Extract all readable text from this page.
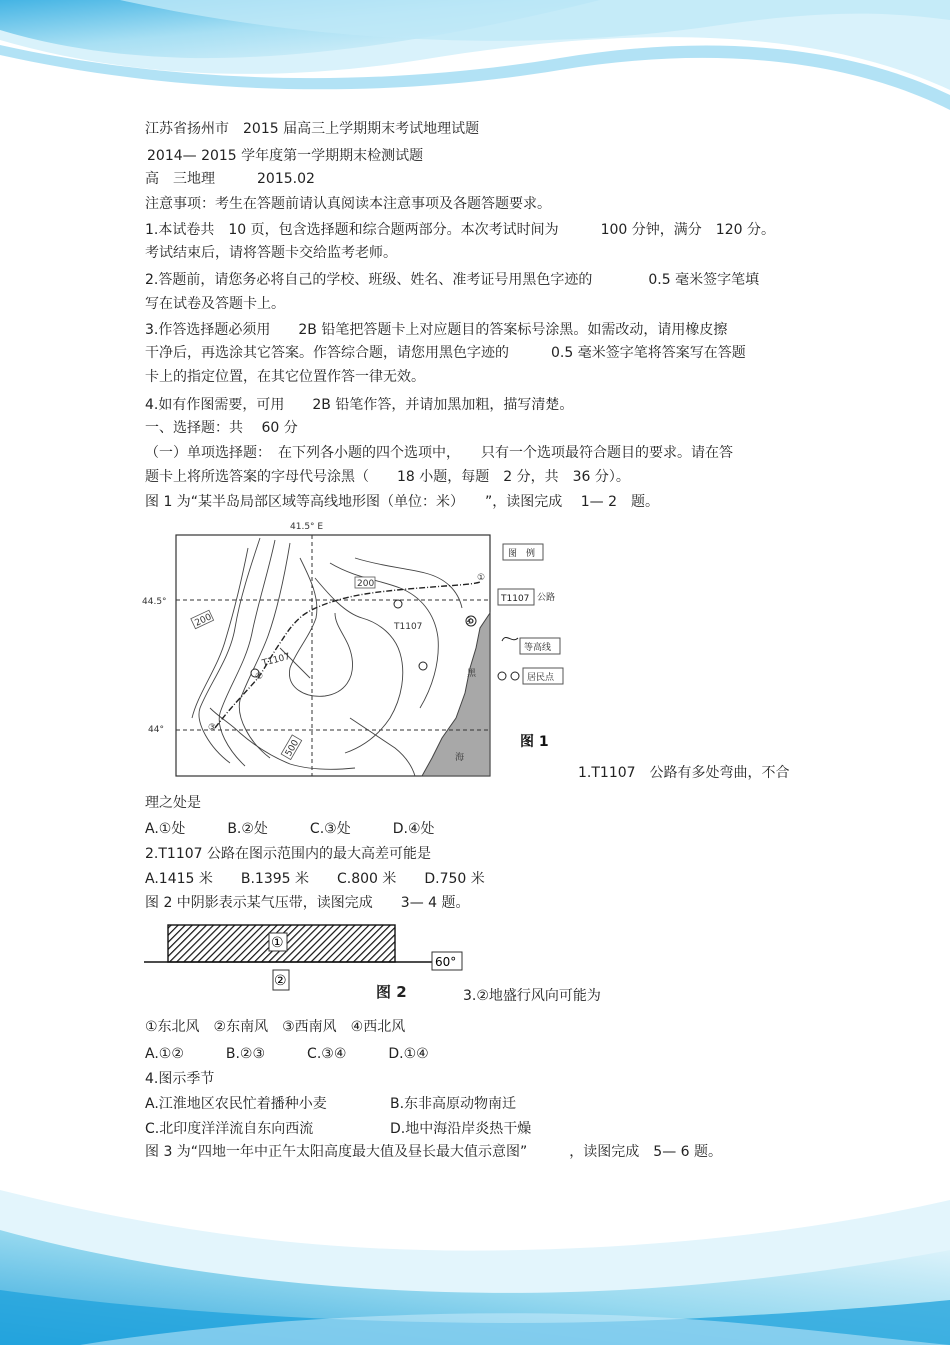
江苏省扬州市　2015 届高三上学期期末考试地理试题
2014— 2015 学年度第一学期期末检测试题
高　三地理　　　2015.02
注意事项：考生在答题前请认真阅读本注意事项及各题答题要求。
1.本试卷共　10 页，包含选择题和综合题两部分。本次考试时间为　　　100 分钟，满分　120 分。
考试结束后，请将答题卡交给监考老师。
2.答题前，请您务必将自己的学校、班级、姓名、准考证号用黑色字迹的　　　　0.5 毫米签字笔填
写在试卷及答题卡上。
3.作答选择题必须用　　2B 铅笔把答题卡上对应题目的答案标号涂黑。如需改动，请用橡皮擦
干净后，再选涂其它答案。作答综合题，请您用黑色字迹的　　　0.5 毫米签字笔将答案写在答题
卡上的指定位置，在其它位置作答一律无效。
4.如有作图需要，可用　　2B 铅笔作答，并请加黑加粗，描写清楚。
一、选择题：共　 60 分
（一）单项选择题：　在下列各小题的四个选项中，　　只有一个选项最符合题目的要求。请在答
题卡上将所选答案的字母代号涂黑（　　18 小题，每题　2 分，共　36 分）。
图 1 为“某半岛局部区域等高线地形图（单位：米）　　”，读图完成　 1— 2　题。
41.5° E
黑
海
44.5°
44°
200
200
500
T1107
T1107
①
②
③
④
图　例
T1107 公路
等高线
居民点
图 1
1.T1107　公路有多处弯曲，不合
理之处是
A.①处　　　B.②处　　　C.③处　　　D.④处
2.T1107 公路在图示范围内的最大高差可能是
A.1415 米　　B.1395 米　　C.800 米　　D.750 米
图 2 中阴影表示某气压带，读图完成　　3— 4 题。
①
②
60°
图 2	3.②地盛行风向可能为
①东北风　②东南风　③西南风　④西北风
A.①②　　　B.②③　　　C.③④　　　D.①④
4.图示季节
A.江淮地区农民忙着播种小麦	B.东非高原动物南迁
C.北印度洋洋流自东向西流	D.地中海沿岸炎热干燥
图 3 为“四地一年中正午太阳高度最大值及昼长最大值示意图”　　　，读图完成　5— 6 题。
